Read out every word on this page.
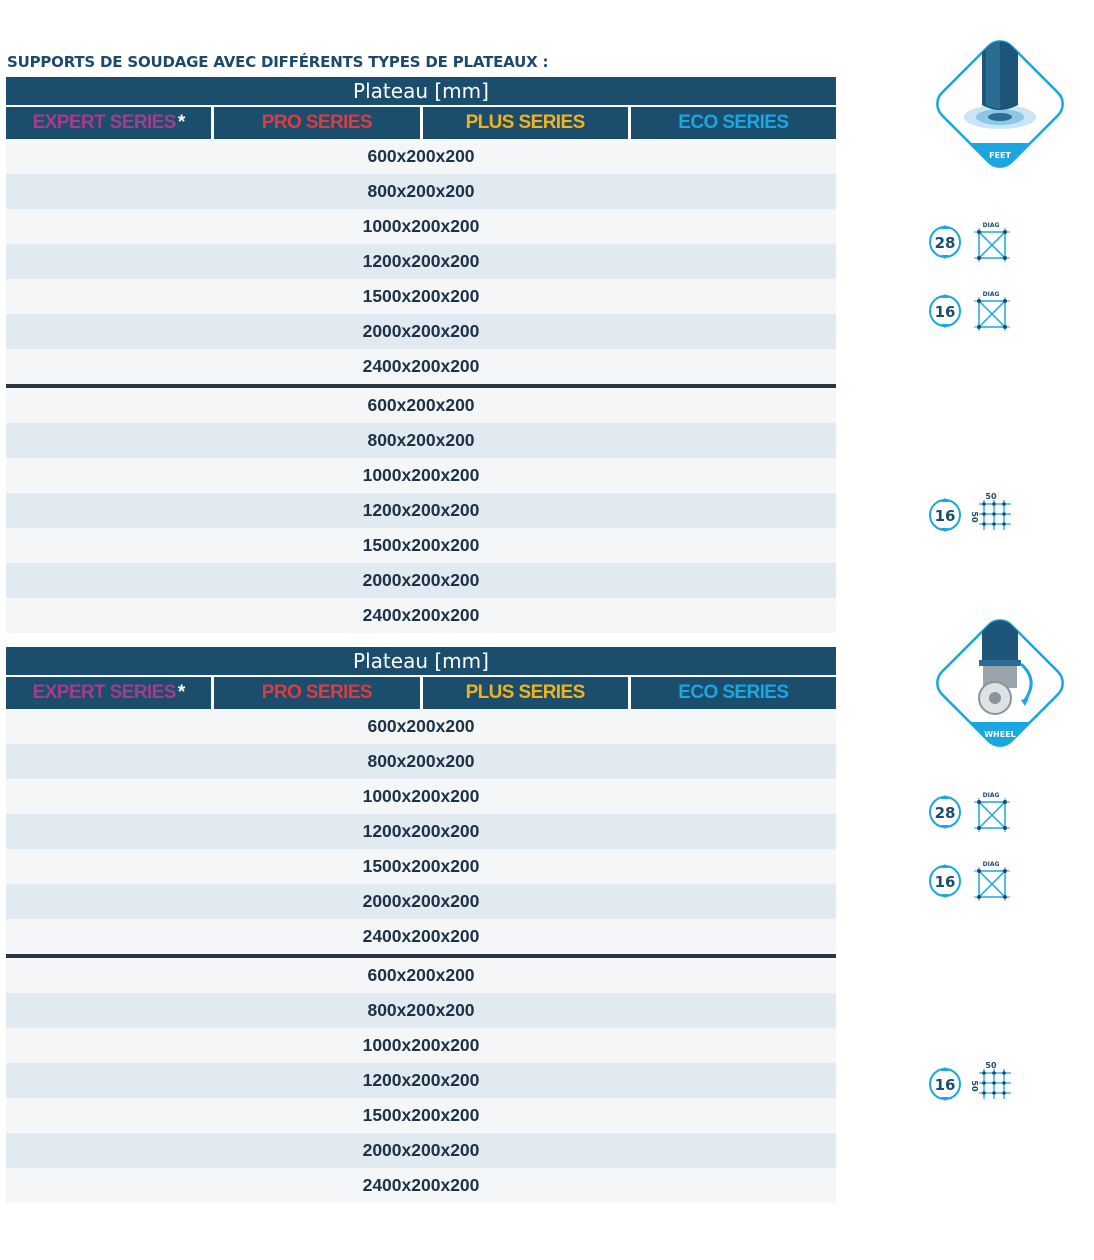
SUPPORTS DE SOUDAGE AVEC DIFFÉRENTS TYPES DE PLATEAUX :
Plateau [mm]
EXPERT SERIES *	PRO SERIES	PLUS SERIES	ECO SERIES
600x200x200
800x200x200
1000x200x200
1200x200x200
1500x200x200
2000x200x200
2400x200x200
600x200x200
800x200x200
1000x200x200
1200x200x200
1500x200x200
2000x200x200
2400x200x200
Plateau [mm]
EXPERT SERIES *	PRO SERIES	PLUS SERIES	ECO SERIES
600x200x200
800x200x200
1000x200x200
1200x200x200
1500x200x200
2000x200x200
2400x200x200
600x200x200
800x200x200
1000x200x200
1200x200x200
1500x200x200
2000x200x200
2400x200x200
FEET
WHEEL
28
DIAG
16
DIAG
16
50
50
28
DIAG
16
DIAG
16
50
50
